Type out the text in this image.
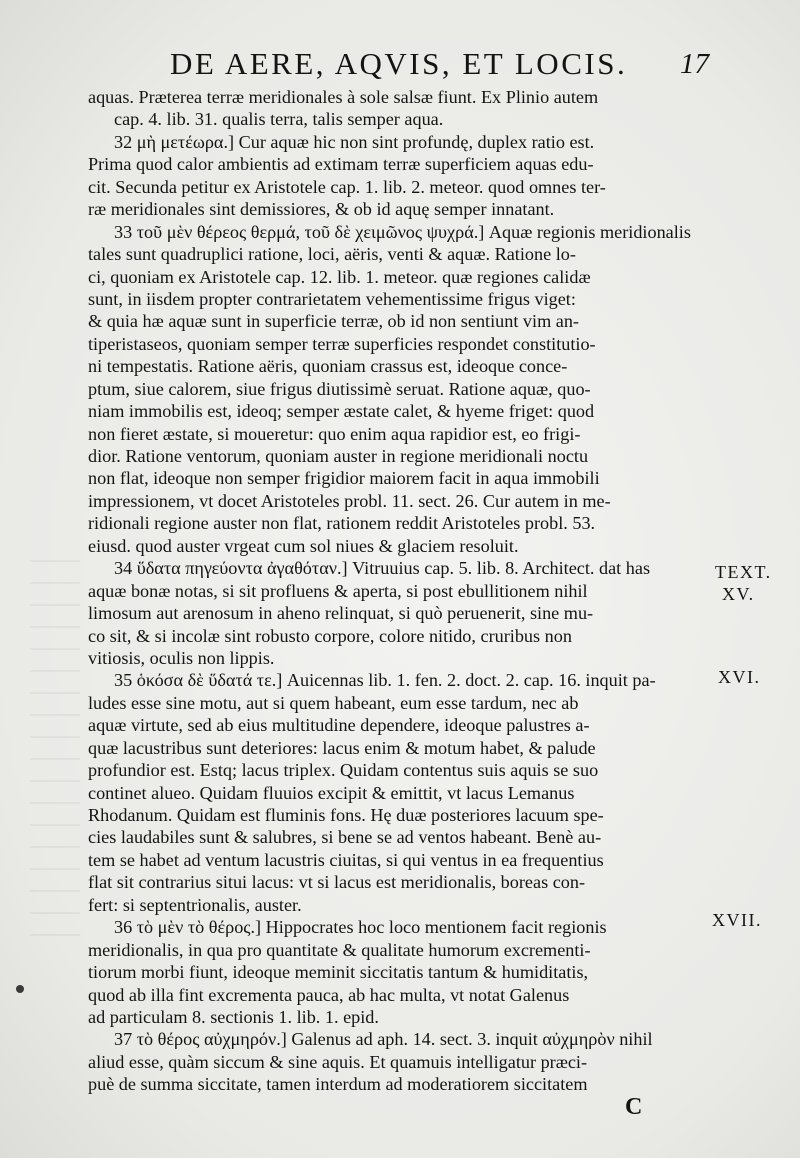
DE AERE, AQVIS, ET LOCIS. 17
aquas. Præterea terræ meridionales à sole salsæ fiunt. Ex Plinio autem
cap. 4. lib. 31. qualis terra, talis semper aqua.
32 μὴ μετέωρα.] Cur aquæ hic non sint profundę, duplex ratio est.
Prima quod calor ambientis ad extimam terræ superficiem aquas edu-
cit. Secunda petitur ex Aristotele cap. 1. lib. 2. meteor. quod omnes ter-
ræ meridionales sint demissiores, & ob id aquę semper innatant.
33 τοῦ μὲν θέρεος θερμά, τοῦ δὲ χειμῶνος ψυχρά.] Aquæ regionis meridionalis
tales sunt quadruplici ratione, loci, aëris, venti & aquæ. Ratione lo-
ci, quoniam ex Aristotele cap. 12. lib. 1. meteor. quæ regiones calidæ
sunt, in iisdem propter contrarietatem vehementissime frigus viget:
& quia hæ aquæ sunt in superficie terræ, ob id non sentiunt vim an-
tiperistaseos, quoniam semper terræ superficies respondet constitutio-
ni tempestatis. Ratione aëris, quoniam crassus est, ideoque conce-
ptum, siue calorem, siue frigus diutissimè seruat. Ratione aquæ, quo-
niam immobilis est, ideoq; semper æstate calet, & hyeme friget: quod
non fieret æstate, si moueretur: quo enim aqua rapidior est, eo frigi-
dior. Ratione ventorum, quoniam auster in regione meridionali noctu
non flat, ideoque non semper frigidior maiorem facit in aqua immobili
impressionem, vt docet Aristoteles probl. 11. sect. 26. Cur autem in me-
ridionali regione auster non flat, rationem reddit Aristoteles probl. 53.
eiusd. quod auster vrgeat cum sol niues & glaciem resoluit.
34 ὕδατα πηγεύοντα ἀγαθόταν.] Vitruuius cap. 5. lib. 8. Architect. dat has
aquæ bonæ notas, si sit profluens & aperta, si post ebullitionem nihil
limosum aut arenosum in aheno relinquat, si quò peruenerit, sine mu-
co sit, & si incolæ sint robusto corpore, colore nitido, cruribus non
vitiosis, oculis non lippis.
35 ὁκόσα δὲ ὕδατά τε.] Auicennas lib. 1. fen. 2. doct. 2. cap. 16. inquit pa-
ludes esse sine motu, aut si quem habeant, eum esse tardum, nec ab
aquæ virtute, sed ab eius multitudine dependere, ideoque palustres a-
quæ lacustribus sunt deteriores: lacus enim & motum habet, & palude
profundior est. Estq; lacus triplex. Quidam contentus suis aquis se suo
continet alueo. Quidam fluuios excipit & emittit, vt lacus Lemanus
Rhodanum. Quidam est fluminis fons. Hę duæ posteriores lacuum spe-
cies laudabiles sunt & salubres, si bene se ad ventos habeant. Benè au-
tem se habet ad ventum lacustris ciuitas, si qui ventus in ea frequentius
flat sit contrarius situi lacus: vt si lacus est meridionalis, boreas con-
fert: si septentrionalis, auster.
36 τὸ μὲν τὸ θέρος.] Hippocrates hoc loco mentionem facit regionis
meridionalis, in qua pro quantitate & qualitate humorum excrementi-
tiorum morbi fiunt, ideoque meminit siccitatis tantum & humiditatis,
quod ab illa fint excrementa pauca, ab hac multa, vt notat Galenus
ad particulam 8. sectionis 1. lib. 1. epid.
37 τὸ θέρος αὐχμηρόν.] Galenus ad aph. 14. sect. 3. inquit αὐχμηρὸν nihil
aliud esse, quàm siccum & sine aquis. Et quamuis intelligatur præci-
puè de summa siccitate, tamen interdum ad moderatiorem siccitatem
TEXT.
XV.
XVI.
XVII.
C
